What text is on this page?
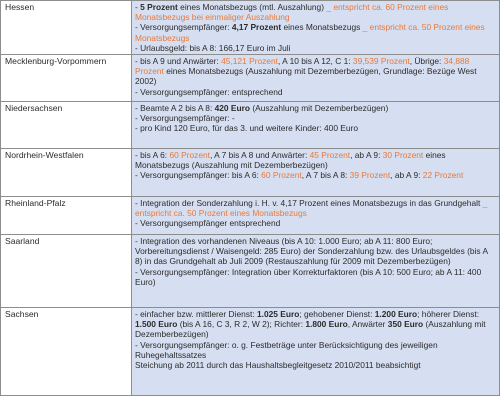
Hessen	- 5 Prozent eines Monatsbezugs (mtl. Auszahlung) _ entspricht ca. 60 Prozent eines Monatsbezugs bei einmaliger Auszahlung
- Versorgungsempfänger: 4,17 Prozent eines Monatsbezugs _ entspricht ca. 50 Prozent eines Monatsbezugs
- Urlaubsgeld: bis A 8: 166,17 Euro im Juli

Mecklenburg-Vorpommern	- bis A 9 und Anwärter: 45,121 Prozent, A 10 bis A 12, C 1: 39,539 Prozent, Übrige: 34,888 Prozent eines Monatsbezugs (Auszahlung mit Dezemberbezügen, Grundlage: Bezüge West 2002)
- Versorgungsempfänger: entsprechend

Niedersachsen	- Beamte A 2 bis A 8: 420 Euro (Auszahlung mit Dezemberbezügen)
- Versorgungsempfänger: -
- pro Kind 120 Euro, für das 3. und weitere Kinder: 400 Euro

Nordrhein-Westfalen	- bis A 6: 60 Prozent, A 7 bis A 8 und Anwärter: 45 Prozent, ab A 9: 30 Prozent eines Monatsbezugs (Auszahlung mit Dezemberbezügen)
- Versorgungsempfänger: bis A 6: 60 Prozent, A 7 bis A 8: 39 Prozent, ab A 9: 22 Prozent

Rheinland-Pfalz	- Integration der Sonderzahlung i. H. v. 4,17 Prozent eines Monatsbezugs in das Grundgehalt _ entspricht ca. 50 Prozent eines Monatsbezugs
- Versorgungsempfänger entsprechend

Saarland	- Integration des vorhandenen Niveaus (bis A 10: 1.000 Euro; ab A 11: 800 Euro; Vorbereitungsdienst / Waisengeld: 285 Euro) der Sonderzahlung bzw. des Urlaubsgeldes (bis A 8) in das Grundgehalt ab Juli 2009 (Restauszahlung für 2009 mit Dezemberbezügen)
- Versorgungsempfänger: Integration über Korrekturfaktoren (bis A 10: 500 Euro; ab A 11: 400 Euro)

Sachsen	- einfacher bzw. mittlerer Dienst: 1.025 Euro; gehobener Dienst: 1.200 Euro; höherer Dienst: 1.500 Euro (bis A 16, C 3, R 2, W 2); Richter: 1.800 Euro, Anwärter 350 Euro (Auszahlung mit Dezemberbezügen)
- Versorgungsempfänger: o. g. Festbeträge unter Berücksichtigung des jeweiligen Ruhegehaltssatzes
Steichung ab 2011 durch das Haushaltsbegleitgesetz 2010/2011 beabsichtigt
